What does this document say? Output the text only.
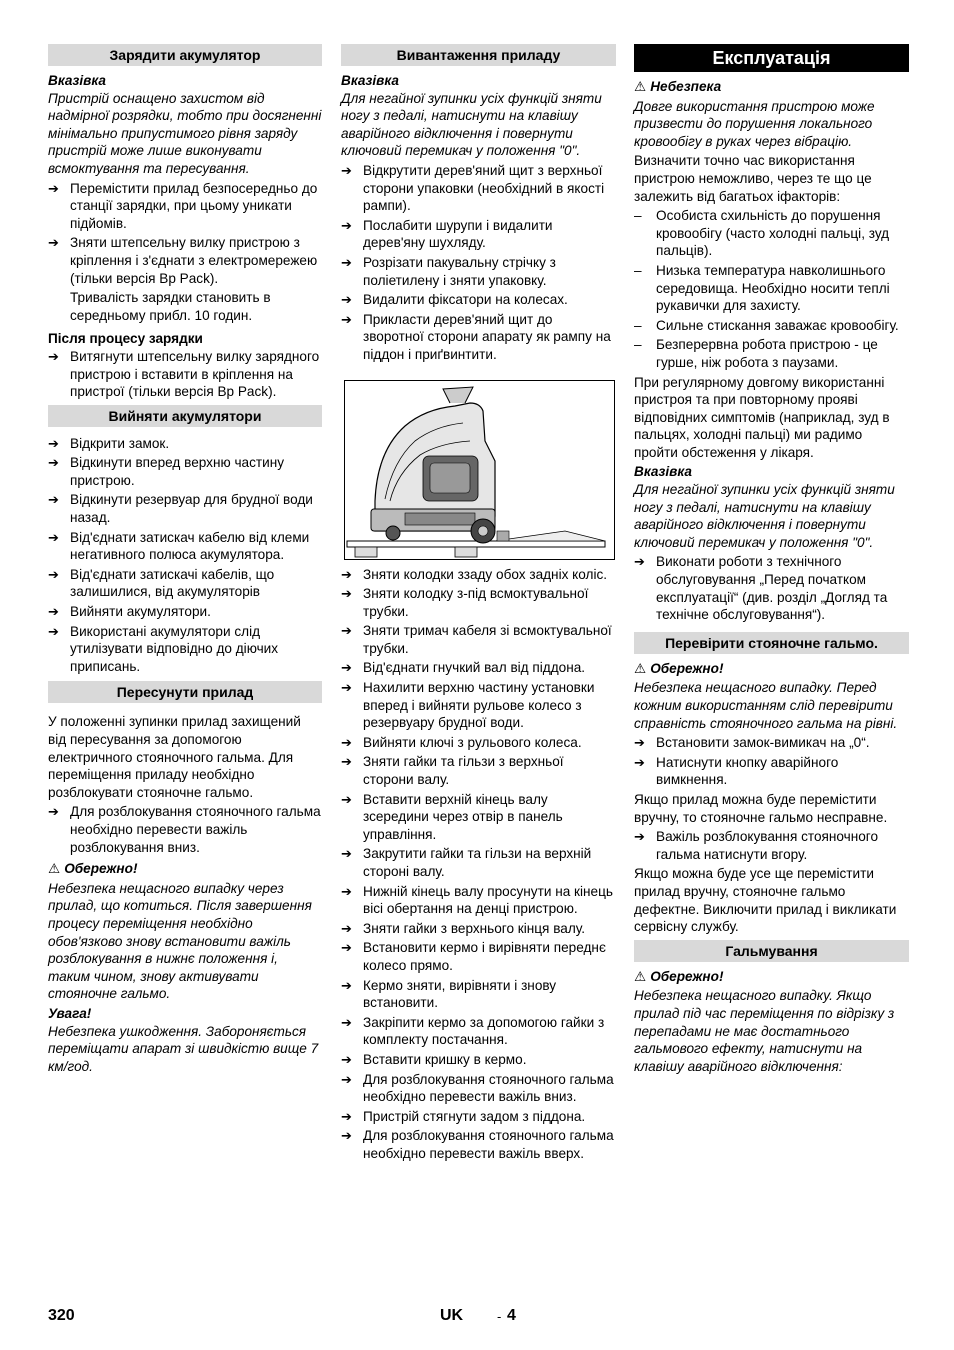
Зарядити акумулятор
Вказівка

Пристрій оснащено захистом від надмірної розрядки, тобто при досягненні мінімально припустимого рівня заряду пристрій може лише виконувати всмоктування та пересування.

➔ Перемістити прилад безпосередньо до станції зарядки, при цьому уникати підйомів.
➔ Зняти штепсельну вилку пристрою з кріплення і з'єднати з електромережею (тільки версія Bp Pack).
Тривалість зарядки становить в середньому прибл. 10 годин.
Після процесу зарядки
➔ Витягнути штепсельну вилку зарядного пристрою і вставити в кріплення на пристрої (тільки версія Bp Pack).
Вийняти акумулятори
➔ Відкрити замок.
➔ Відкинути вперед верхню частину пристрою.
➔ Відкинути резервуар для брудної води назад.
➔ Від'єднати затискач кабелю від клеми негативного полюса акумулятора.
➔ Від'єднати затискачі кабелів, що залишилися, від акумуляторів
➔ Вийняти акумулятори.
➔ Використані акумулятори слід утилізувати відповідно до діючих приписань.
Пересунути прилад

У положенні зупинки прилад захищений від пересування за допомогою електричного стояночного гальма. Для переміщення приладу необхідно розблокувати стояночне гальмо.

➔ Для розблокування стояночного гальма необхідно перевести важіль розблокування вниз.
⚠ Обережно!

Небезпека нещасного випадку через прилад, що котиться. Після завершення процесу переміщення необхідно обов'язково знову встановити важіль розблокування в нижнє положення і, таким чином, знову активувати стояночне гальмо.

Увага!

Небезпека ушкодження. Забороняється переміщати апарат зі швидкістю вище 7 км/год.

Вивантаження приладу
Вказівка

Для негайної зупинки усіх функцій зняти ногу з педалі, натиснути на клавішу аварійного відключення і повернути ключовий перемикач у положення "0".

➔ Відкрутити дерев'яний щит з верхньої сторони упаковки (необхідний в якості рампи).
➔ Послабити шурупи і видалити дерев'яну шухляду.
➔ Розрізати пакувальну стрічку з поліетилену і зняти упаковку.
➔ Видалити фіксатори на колесах.
➔ Прикласти дерев'яний щит до зворотної сторони апарату як рампу на піддон і приґвинтити.
➔ Зняти колодки ззаду обох задніх коліс.
➔ Зняти колодку з-під всмоктувальної трубки.
➔ Зняти тримач кабеля зі всмоктувальної трубки.
➔ Від'єднати гнучкий вал від піддона.
➔ Нахилити верхню частину установки вперед і вийняти рульове колесо з резервуару брудної води.
➔ Вийняти ключі з рульового колеса.
➔ Зняти гайки та гільзи з верхньої сторони валу.
➔ Вставити верхній кінець валу зсередини через отвір в панель управління.
➔ Закрутити гайки та гільзи на верхній стороні валу.
➔ Нижній кінець валу просунути на кінець вісі обертання на денці пристрою.
➔ Зняти гайки з верхнього кінця валу.
➔ Встановити кермо і вирівняти переднє колесо прямо.
➔ Кермо зняти, вирівняти і знову встановити.
➔ Закріпити кермо за допомогою гайки з комплекту постачання.
➔ Вставити кришку в кермо.
➔ Для розблокування стояночного гальма необхідно перевести важіль вниз.
➔ Пристрій стягнути задом з піддона.
➔ Для розблокування стояночного гальма необхідно перевести важіль вверх.
Експлуатація
⚠ Небезпека

Довге використання пристрою може призвести до порушення локального кровообігу в руках через вібрацію.

Визначити точно час використання пристрою неможливо, через те що це залежить від багатьох іфакторів:

– Особиста схильність до порушення кровообігу (часто холодні пальці, зуд пальців).
– Низька температура навколишнього середовища. Необхідно носити теплі рукавички для захисту.
– Сильне стискання заважає кровообігу.
– Безперервна робота пристрою - це гурше, ніж робота з паузами.

При регулярному довгому використанні пристроя та при повторному прояві відповідних симптомів (наприклад, зуд в пальцях, холодні пальці) ми радимо пройти обстеження у лікаря.

Вказівка

Для негайної зупинки усіх функцій зняти ногу з педалі, натиснути на клавішу аварійного відключення і повернути ключовий перемикач у положення "0".

➔ Виконати роботи з технічного обслуговування „Перед початком експлуатації“ (див. розділ „Догляд та технічне обслуговування“).
Перевірити стояночне гальмо.
⚠ Обережно!

Небезпека нещасного випадку. Перед кожним використанням слід перевірити справність стояночного гальма на рівні.

➔ Встановити замок-вимикач на „0“.
➔ Натиснути кнопку аварійного вимкнення.

Якщо прилад можна буде перемістити вручну, то стояночне гальмо несправне.

➔ Важіль розблокування стояночного гальма натиснути вгору.

Якщо можна буде усе ще перемістити прилад вручну, стояночне гальмо дефектне. Виключити прилад і викликати сервісну службу.

Гальмування
⚠ Обережно!

Небезпека нещасного випадку. Якщо прилад під час переміщення по відрізку з перепадами не має достатнього гальмового ефекту, натиснути на клавішу аварійного відключення:

320	UK	- 4
